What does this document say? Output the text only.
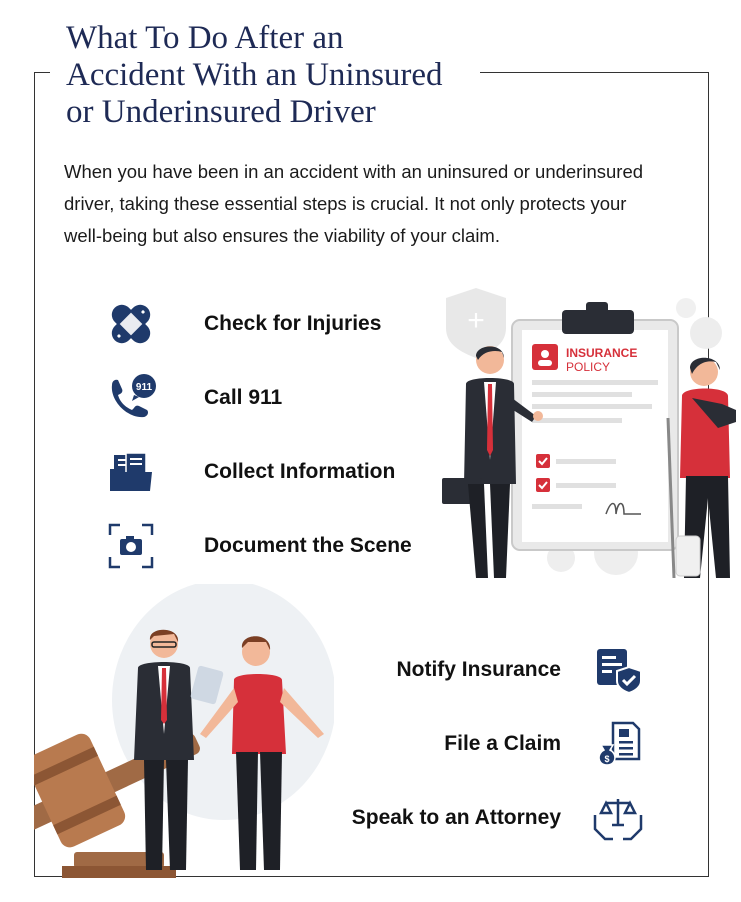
What To Do After an
Accident With an Uninsured
or Underinsured Driver

When you have been in an accident with an uninsured or underinsured driver, taking these essential steps is crucial. It not only protects your well-being but also ensures the viability of your claim.

Check for Injuries
911 Call 911
Collect Information
Document the Scene
Notify Insurance
File a Claim
$
Speak to an Attorney
+
INSURANCE
POLICY
